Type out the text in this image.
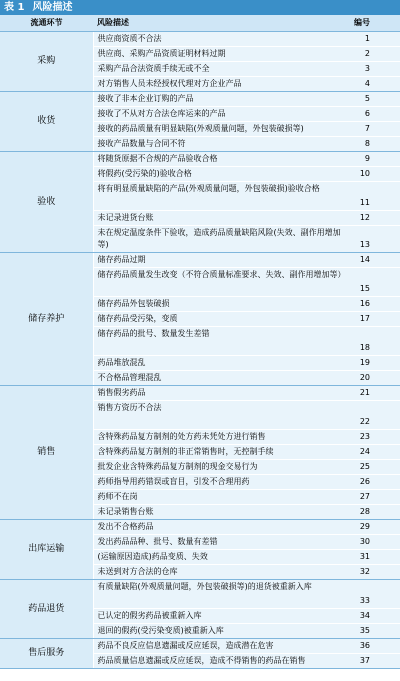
表 1 风险描述
流通环节	风险描述	编号
采购	供应商资质不合法	1
	供应商、采购产品资质证明材料过期	2
	采购产品合法资质手续无或不全	3
	对方销售人员未经授权代理对方企业产品	4
收货	接收了非本企业订购的产品	5
	接收了不从对方合法仓库运来的产品	6
	接收的药品质量有明显缺陷(外观质量问题，外包装破损等)	7
	接收产品数量与合同不符	8
验收	将随货原据不合规的产品验收合格	9
	将假药(受污染的)验收合格	10
	将有明显质量缺陷的产品(外观质量问题，外包装破损)验收合格	11
	未记录进货台账	12
	未在规定温度条件下验收，造成药品质量缺陷风险(失效、副作用增加等)	13
储存养护	储存药品过期	14
	储存药品质量发生改变（不符合质量标准要求、失效、副作用增加等）	15
	储存药品外包装破损	16
	储存药品受污染，变质	17
	储存药品的批号、数量发生差错	18
	药品堆放混乱	19
	不合格品管理混乱	20
销售	销售假劣药品	21
	销售方资历不合法	22
	含特殊药品复方制剂的处方药未凭处方进行销售	23
	含特殊药品复方制剂的非正常销售时，无控制手续	24
	批发企业含特殊药品复方制剂的现金交易行为	25
	药师指导用药错误或盲目，引发不合理用药	26
	药师不在岗	27
	未记录销售台账	28
出库运输	发出不合格药品	29
	发出药品品种、批号、数量有差错	30
	(运输原因造成)药品变质、失效	31
	未送到对方合法的仓库	32
药品退货	有质量缺陷(外观质量问题，外包装破损等)的退货被重新入库	33
	已认定的假劣药品被重新入库	34
	退回的假药(受污染变质)被重新入库	35
售后服务	药品不良反应信息遗漏或反应延误，造成潜在危害	36
	药品质量信息遗漏或反应延误，造成不得销售的药品在销售	37
